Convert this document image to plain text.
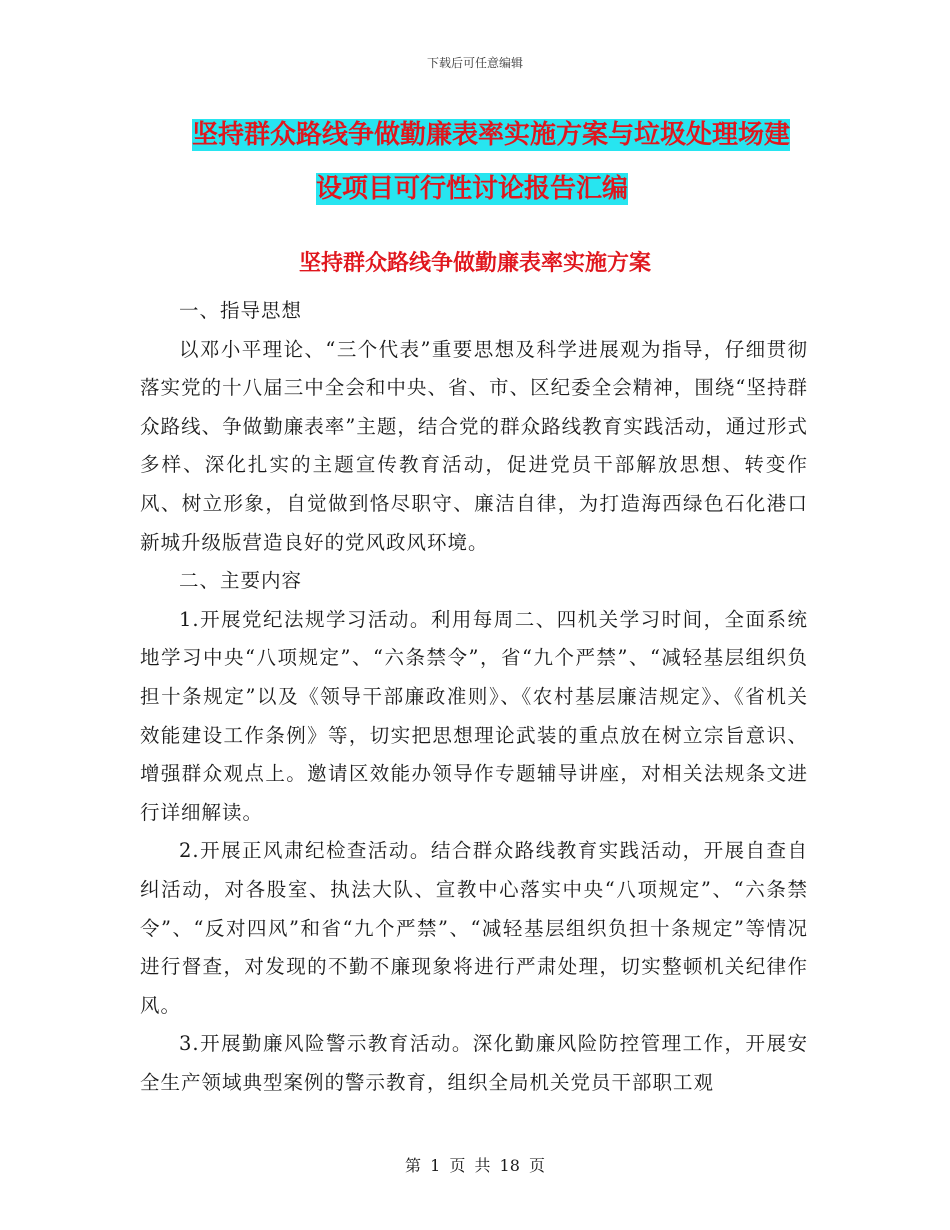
下载后可任意编辑
坚持群众路线争做勤廉表率实施方案与垃圾处理场建
设项目可行性讨论报告汇编
坚持群众路线争做勤廉表率实施方案

一、指导思想

以邓小平理论、“三个代表”重要思想及科学进展观为指导，仔细贯彻落实党的十八届三中全会和中央、省、市、区纪委全会精神，围绕“坚持群众路线、争做勤廉表率”主题，结合党的群众路线教育实践活动，通过形式多样、深化扎实的主题宣传教育活动，促进党员干部解放思想、转变作风、树立形象，自觉做到恪尽职守、廉洁自律，为打造海西绿色石化港口新城升级版营造良好的党风政风环境。

二、主要内容

1.开展党纪法规学习活动。利用每周二、四机关学习时间，全面系统地学习中央“八项规定”、“六条禁令”，省“九个严禁”、“减轻基层组织负担十条规定”以及《领导干部廉政准则》、《农村基层廉洁规定》、《省机关效能建设工作条例》等，切实把思想理论武装的重点放在树立宗旨意识、增强群众观点上。邀请区效能办领导作专题辅导讲座，对相关法规条文进行详细解读。

2.开展正风肃纪检查活动。结合群众路线教育实践活动，开展自查自纠活动，对各股室、执法大队、宣教中心落实中央“八项规定”、“六条禁令”、“反对四风”和省“九个严禁”、“减轻基层组织负担十条规定”等情况进行督查，对发现的不勤不廉现象将进行严肃处理，切实整顿机关纪律作风。

3.开展勤廉风险警示教育活动。深化勤廉风险防控管理工作，开展安全生产领域典型案例的警示教育，组织全局机关党员干部职工观

第 1 页 共 18 页
